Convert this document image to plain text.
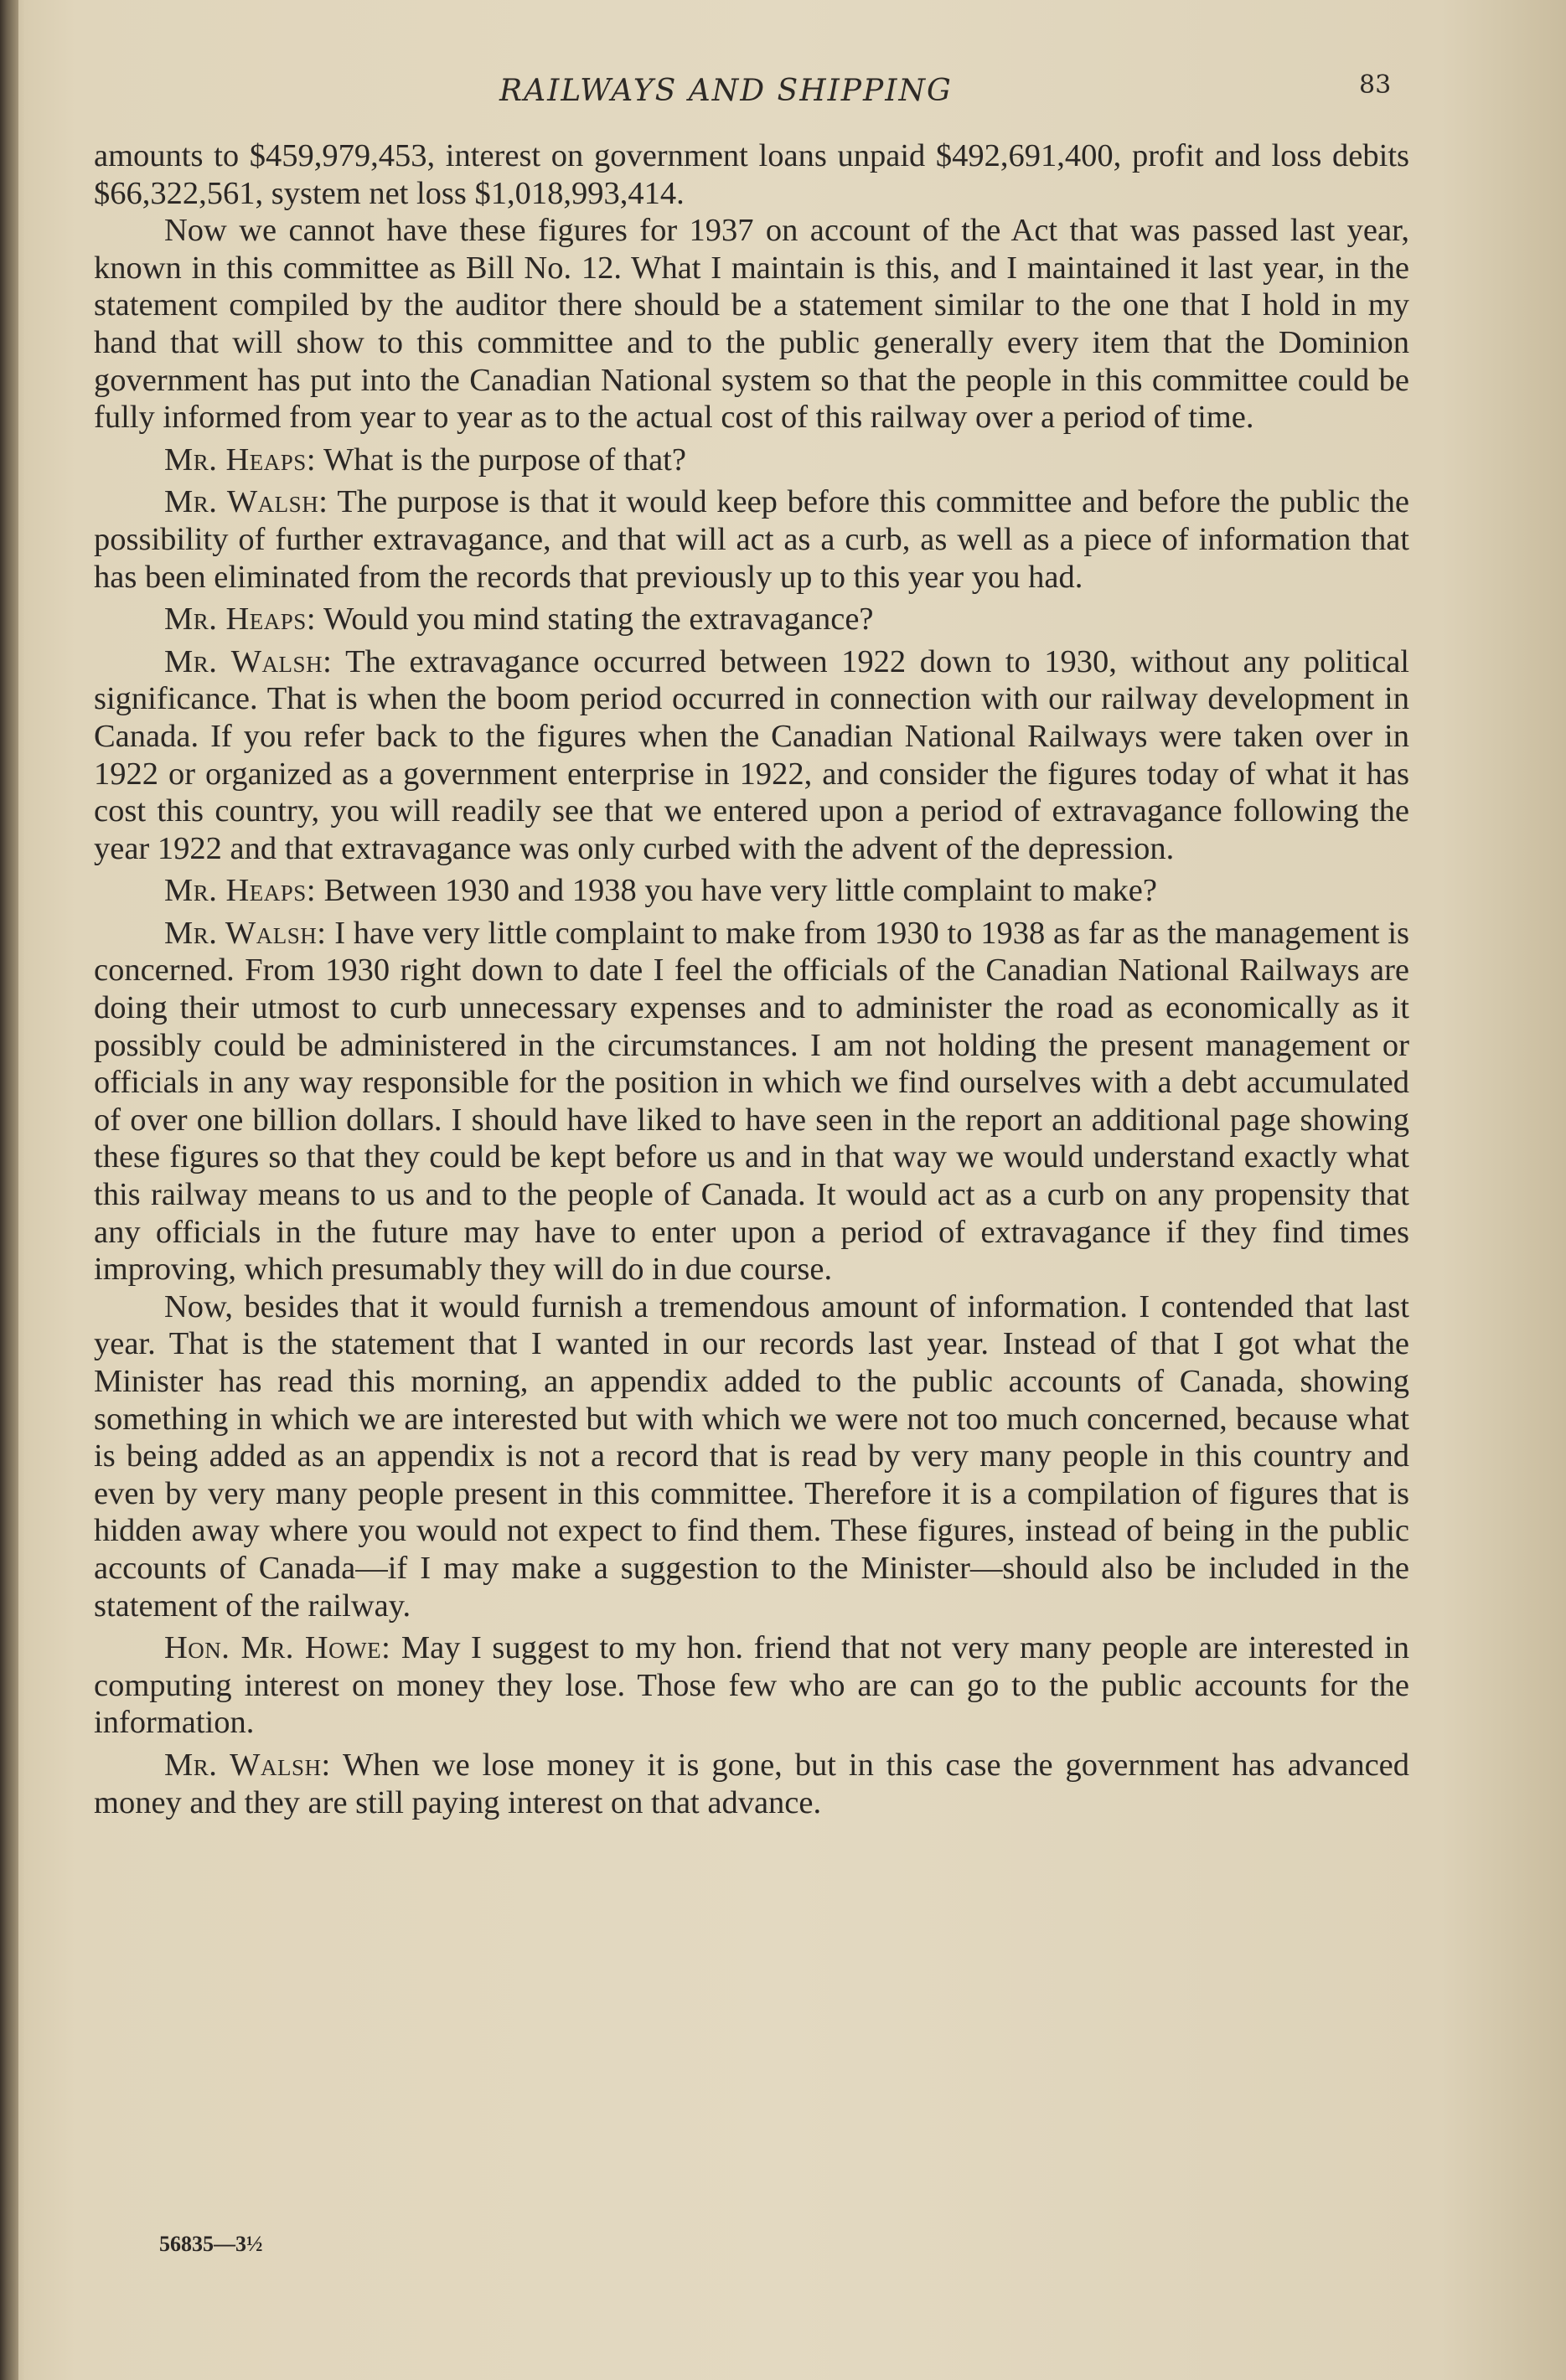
RAILWAYS AND SHIPPING	83

amounts to $459,979,453, interest on government loans unpaid $492,691,400, profit and loss debits $66,322,561, system net loss $1,018,993,414.

Now we cannot have these figures for 1937 on account of the Act that was passed last year, known in this committee as Bill No. 12. What I maintain is this, and I maintained it last year, in the statement compiled by the auditor there should be a statement similar to the one that I hold in my hand that will show to this committee and to the public generally every item that the Dominion government has put into the Canadian National system so that the people in this committee could be fully informed from year to year as to the actual cost of this railway over a period of time.

Mr. Heaps: What is the purpose of that?

Mr. Walsh: The purpose is that it would keep before this committee and before the public the possibility of further extravagance, and that will act as a curb, as well as a piece of information that has been eliminated from the records that previously up to this year you had.

Mr. Heaps: Would you mind stating the extravagance?

Mr. Walsh: The extravagance occurred between 1922 down to 1930, without any political significance. That is when the boom period occurred in connection with our railway development in Canada. If you refer back to the figures when the Canadian National Railways were taken over in 1922 or organized as a government enterprise in 1922, and consider the figures today of what it has cost this country, you will readily see that we entered upon a period of extravagance following the year 1922 and that extravagance was only curbed with the advent of the depression.

Mr. Heaps: Between 1930 and 1938 you have very little complaint to make?

Mr. Walsh: I have very little complaint to make from 1930 to 1938 as far as the management is concerned. From 1930 right down to date I feel the officials of the Canadian National Railways are doing their utmost to curb unnecessary expenses and to administer the road as economically as it possibly could be administered in the circumstances. I am not holding the present management or officials in any way responsible for the position in which we find ourselves with a debt accumulated of over one billion dollars. I should have liked to have seen in the report an additional page showing these figures so that they could be kept before us and in that way we would understand exactly what this railway means to us and to the people of Canada. It would act as a curb on any propensity that any officials in the future may have to enter upon a period of extravagance if they find times improving, which presumably they will do in due course.

Now, besides that it would furnish a tremendous amount of information. I contended that last year. That is the statement that I wanted in our records last year. Instead of that I got what the Minister has read this morning, an appendix added to the public accounts of Canada, showing something in which we are interested but with which we were not too much concerned, because what is being added as an appendix is not a record that is read by very many people in this country and even by very many people present in this committee. Therefore it is a compilation of figures that is hidden away where you would not expect to find them. These figures, instead of being in the public accounts of Canada—if I may make a suggestion to the Minister—should also be included in the statement of the railway.

Hon. Mr. Howe: May I suggest to my hon. friend that not very many people are interested in computing interest on money they lose. Those few who are can go to the public accounts for the information.

Mr. Walsh: When we lose money it is gone, but in this case the government has advanced money and they are still paying interest on that advance.

56835—3½
